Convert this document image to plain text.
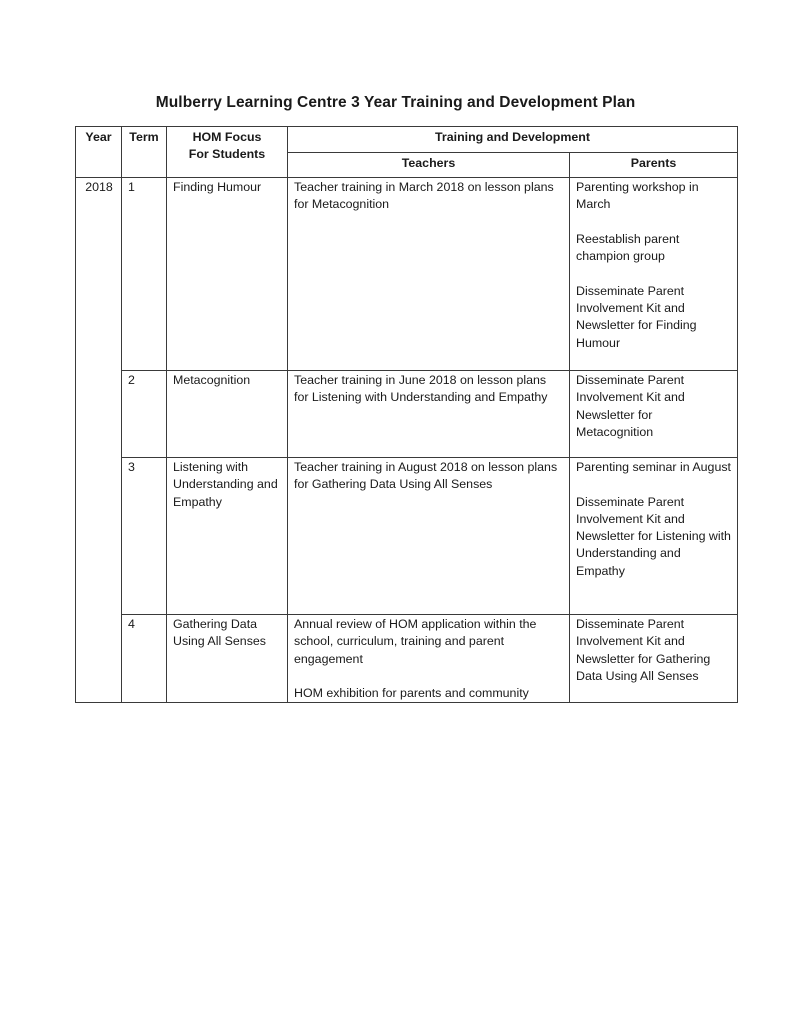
Mulberry Learning Centre 3 Year Training and Development Plan
Year	Term	HOM Focus For Students	Training and Development	
			Teachers	Parents
2018	1	Finding Humour	Teacher training in March 2018 on lesson plans for Metacognition	Parenting workshop in March
Reestablish parent champion group
Disseminate Parent Involvement Kit and Newsletter for Finding Humour

	2	Metacognition	Teacher training in June 2018 on lesson plans for Listening with Understanding and Empathy	Disseminate Parent Involvement Kit and Newsletter for Metacognition

	3	Listening with Understanding and Empathy	Teacher training in August 2018 on lesson plans for Gathering Data Using All Senses	Parenting seminar in August
Disseminate Parent Involvement Kit and Newsletter for Listening with Understanding and Empathy

	4	Gathering Data Using All Senses	Annual review of HOM application within the school, curriculum, training and parent engagement
HOM exhibition for parents and community	Disseminate Parent Involvement Kit and Newsletter for Gathering Data Using All Senses
